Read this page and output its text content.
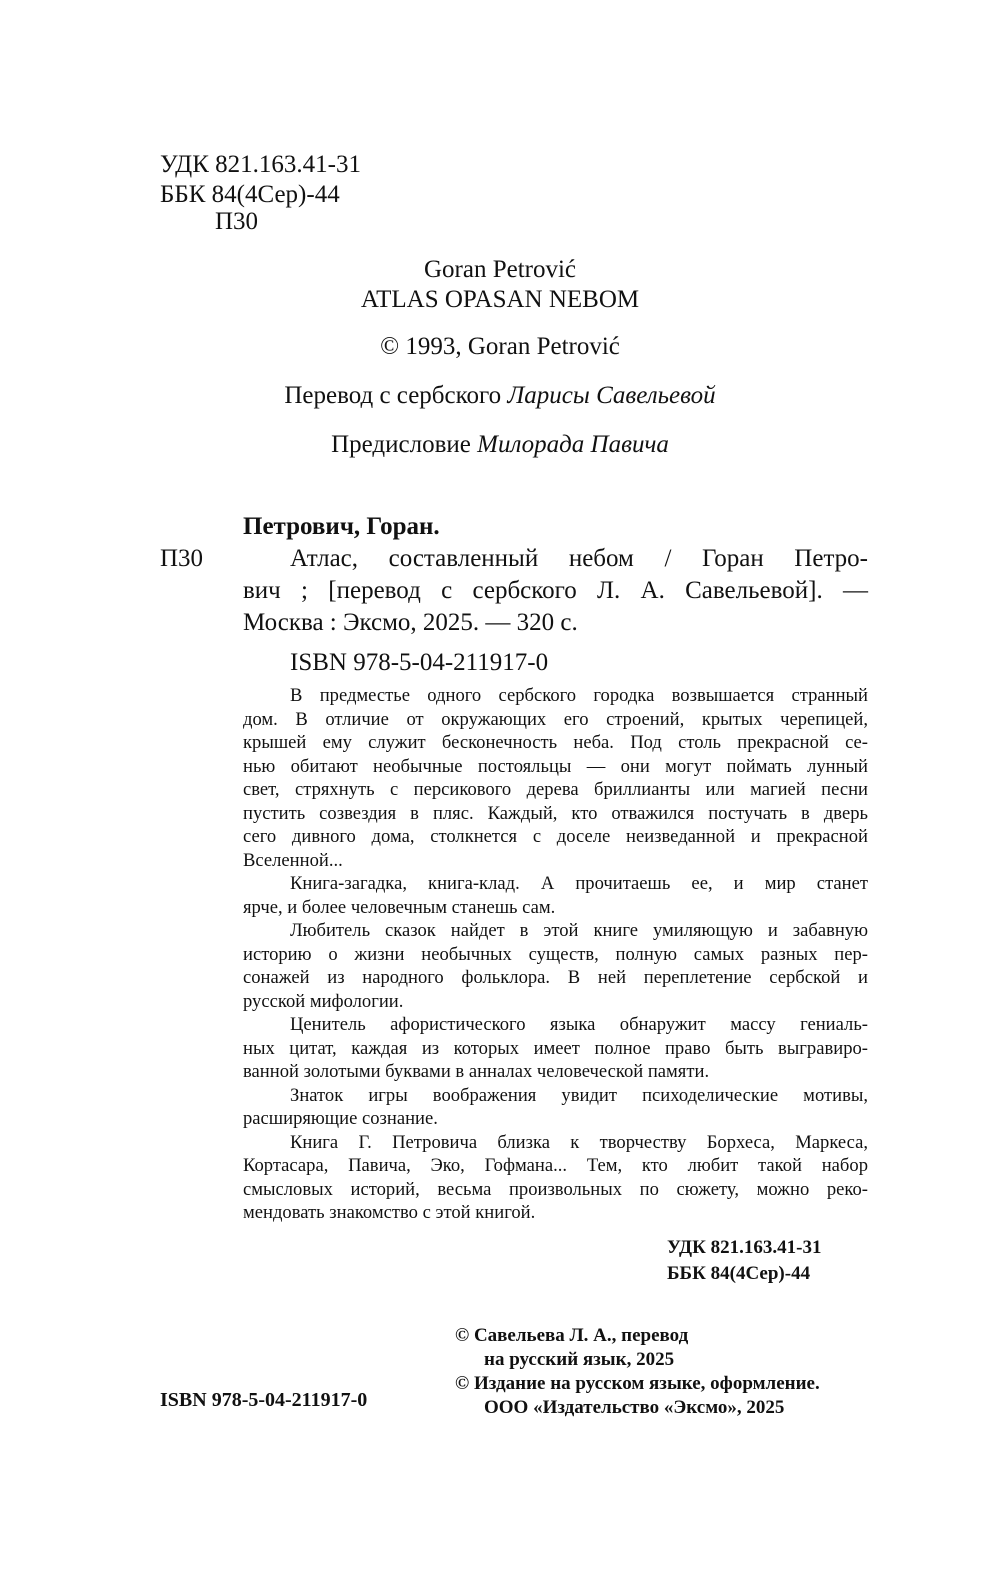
УДК 821.163.41-31

ББК 84(4Сер)-44

П30

Goran Petrović

ATLAS OPASAN NEBOM

© 1993, Goran Petrović

Перевод с сербского Ларисы Савельевой

Предисловие Милорада Павича

Петрович, Горан.

П30	Атлас, составленный небом / Горан Петро-

вич ; [перевод с сербского Л. А. Савельевой]. —

Москва : Эксмо, 2025. — 320 с.

ISBN 978-5-04-211917-0

В предместье одного сербского городка возвышается странный
дом. В отличие от окружающих его строений, крытых черепицей,
крышей ему служит бесконечность неба. Под столь прекрасной се-
нью обитают необычные постояльцы — они могут поймать лунный
свет, стряхнуть с персикового дерева бриллианты или магией песни
пустить созвездия в пляс. Каждый, кто отважился постучать в дверь
сего дивного дома, столкнется с доселе неизведанной и прекрасной
Вселенной...
Книга-загадка, книга-клад. А прочитаешь ее, и мир станет
ярче, и более человечным станешь сам.
Любитель сказок найдет в этой книге умиляющую и забавную
историю о жизни необычных существ, полную самых разных пер-
сонажей из народного фольклора. В ней переплетение сербской и
русской мифологии.
Ценитель афористического языка обнаружит массу гениаль-
ных цитат, каждая из которых имеет полное право быть выгравиро-
ванной золотыми буквами в анналах человеческой памяти.
Знаток игры воображения увидит психоделические мотивы,
расширяющие сознание.
Книга Г. Петровича близка к творчеству Борхеса, Маркеса,
Кортасара, Павича, Эко, Гофмана... Тем, кто любит такой набор
смысловых историй, весьма произвольных по сюжету, можно реко-
мендовать знакомство с этой книгой.

УДК 821.163.41-31

ББК 84(4Сер)-44

© Савельева Л. А., перевод

на русский язык, 2025

© Издание на русском языке, оформление.

ООО «Издательство «Эксмо», 2025

ISBN 978-5-04-211917-0
